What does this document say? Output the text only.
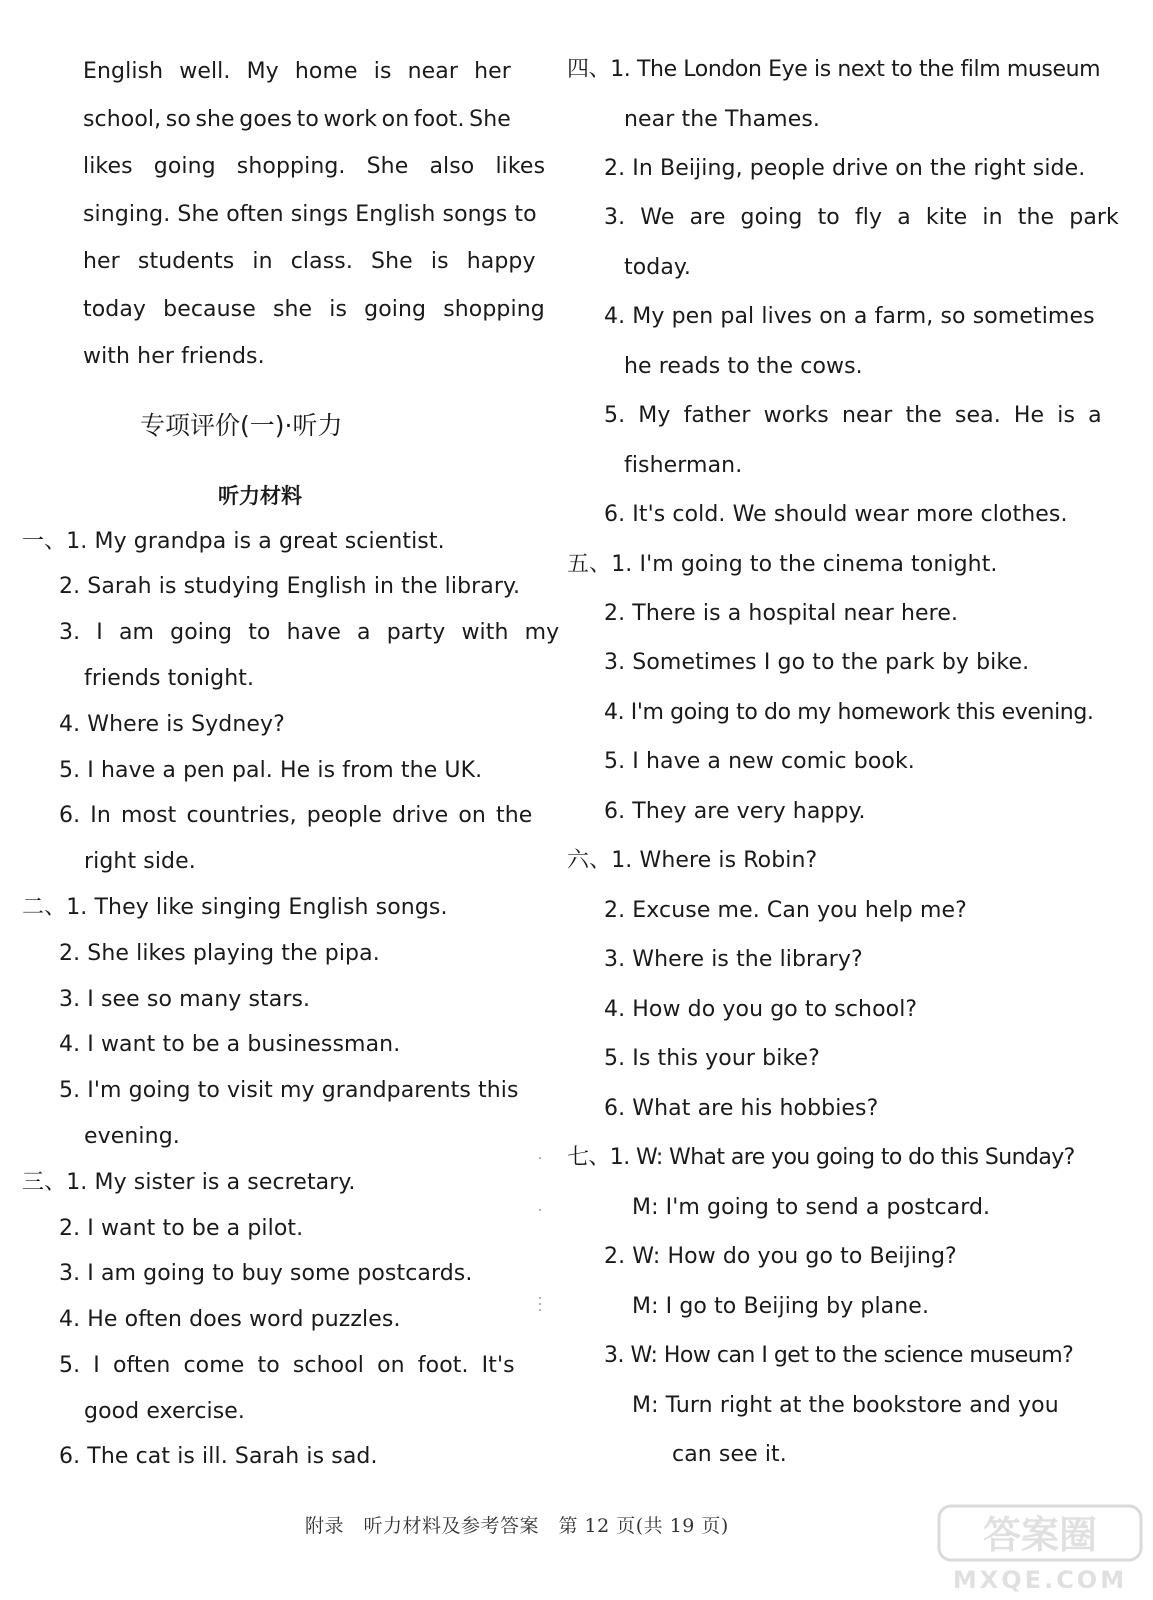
English well. My home is near her
school, so she goes to work on foot. She
likes going shopping. She also likes
singing. She often sings English songs to
her students in class. She is happy
today because she is going shopping
with her friends.
专项评价(一)·听力
听力材料
一、1. My grandpa is a great scientist.
2. Sarah is studying English in the library.
3. I am going to have a party with my
friends tonight.
4. Where is Sydney?
5. I have a pen pal. He is from the UK.
6. In most countries, people drive on the
right side.
二、1. They like singing English songs.
2. She likes playing the pipa.
3. I see so many stars.
4. I want to be a businessman.
5. I'm going to visit my grandparents this
evening.
三、1. My sister is a secretary.
2. I want to be a pilot.
3. I am going to buy some postcards.
4. He often does word puzzles.
5. I often come to school on foot. It's
good exercise.
6. The cat is ill. Sarah is sad.
四、1. The London Eye is next to the film museum
near the Thames.
2. In Beijing, people drive on the right side.
3. We are going to fly a kite in the park
today.
4. My pen pal lives on a farm, so sometimes
he reads to the cows.
5. My father works near the sea. He is a
fisherman.
6. It's cold. We should wear more clothes.
五、1. I'm going to the cinema tonight.
2. There is a hospital near here.
3. Sometimes I go to the park by bike.
4. I'm going to do my homework this evening.
5. I have a new comic book.
6. They are very happy.
六、1. Where is Robin?
2. Excuse me. Can you help me?
3. Where is the library?
4. How do you go to school?
5. Is this your bike?
6. What are his hobbies?
七、1. W: What are you going to do this Sunday?
M: I'm going to send a postcard.
2. W: How do you go to Beijing?
M: I go to Beijing by plane.
3. W: How can I get to the science museum?
M: Turn right at the bookstore and you
can see it.
附录　听力材料及参考答案　第 12 页(共 19 页)	答案圈
MXQE.COM
